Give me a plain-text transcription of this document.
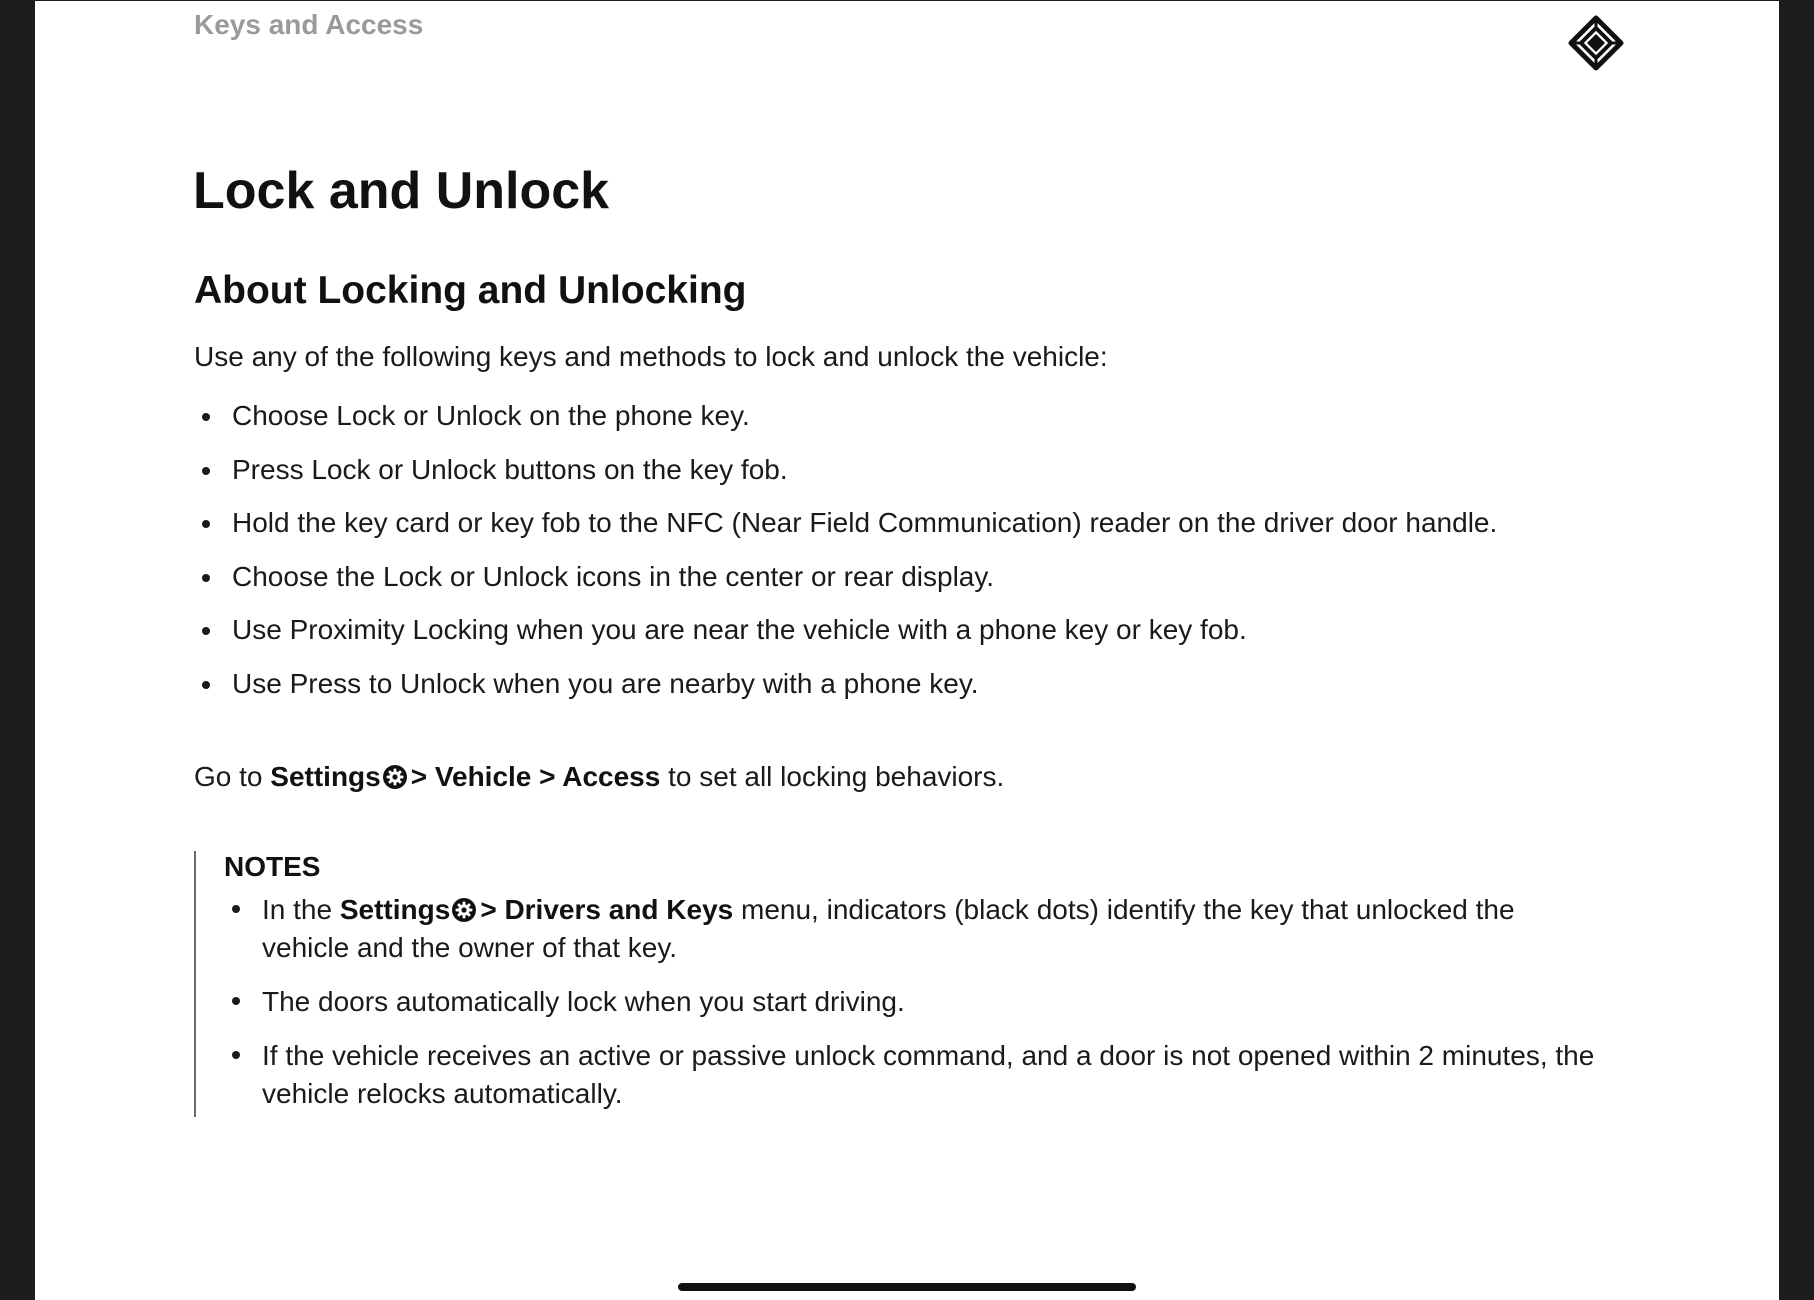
Keys and Access
Lock and Unlock
About Locking and Unlocking

Use any of the following keys and methods to lock and unlock the vehicle:

Choose Lock or Unlock on the phone key.
Press Lock or Unlock buttons on the key fob.
Hold the key card or key fob to the NFC (Near Field Communication) reader on the driver door handle.
Choose the Lock or Unlock icons in the center or rear display.
Use Proximity Locking when you are near the vehicle with a phone key or key fob.
Use Press to Unlock when you are nearby with a phone key.

Go to Settings > Vehicle > Access to set all locking behaviors.

NOTES
In the Settings > Drivers and Keys menu, indicators (black dots) identify the key that unlocked the vehicle and the owner of that key.
The doors automatically lock when you start driving.
If the vehicle receives an active or passive unlock command, and a door is not opened within 2 minutes, the vehicle relocks automatically.
